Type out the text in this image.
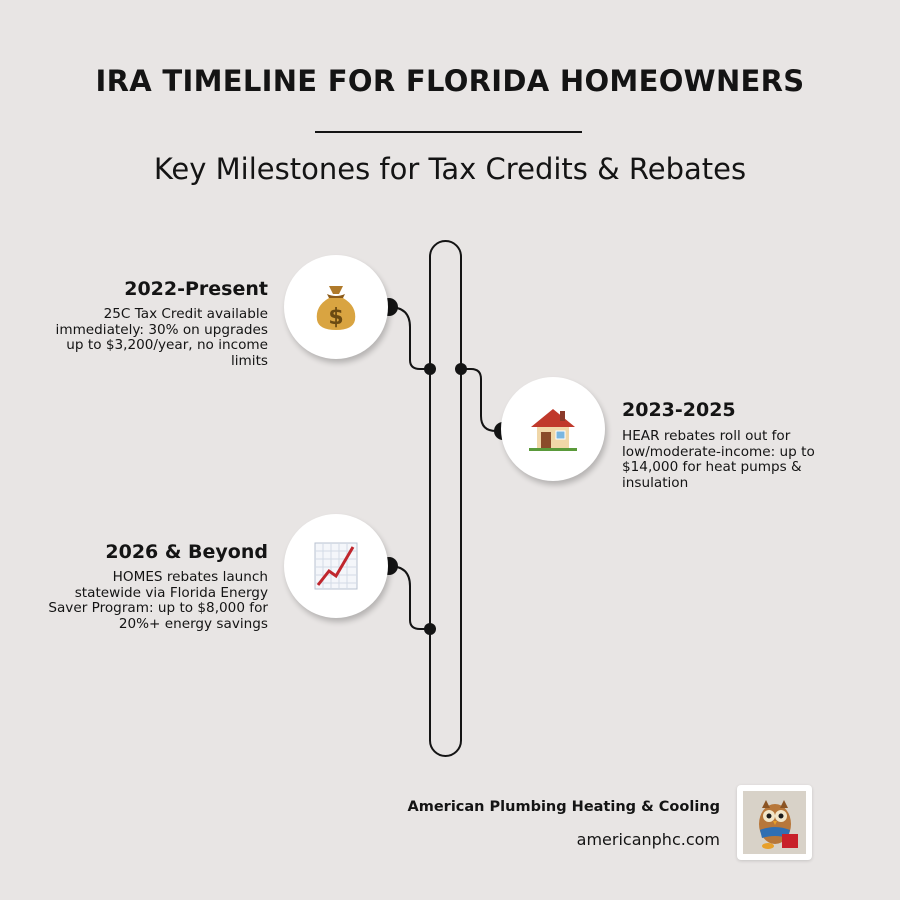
IRA TIMELINE FOR FLORIDA HOMEOWNERS
Key Milestones for Tax Credits & Rebates
2022-Present
25C Tax Credit available immediately: 30% on upgrades up to $3,200/year, no income limits
$
2023-2025
HEAR rebates roll out for low/moderate-income: up to $14,000 for heat pumps & insulation
2026 & Beyond
HOMES rebates launch statewide via Florida Energy Saver Program: up to $8,000 for 20%+ energy savings
American Plumbing Heating & Cooling
americanphc.com
